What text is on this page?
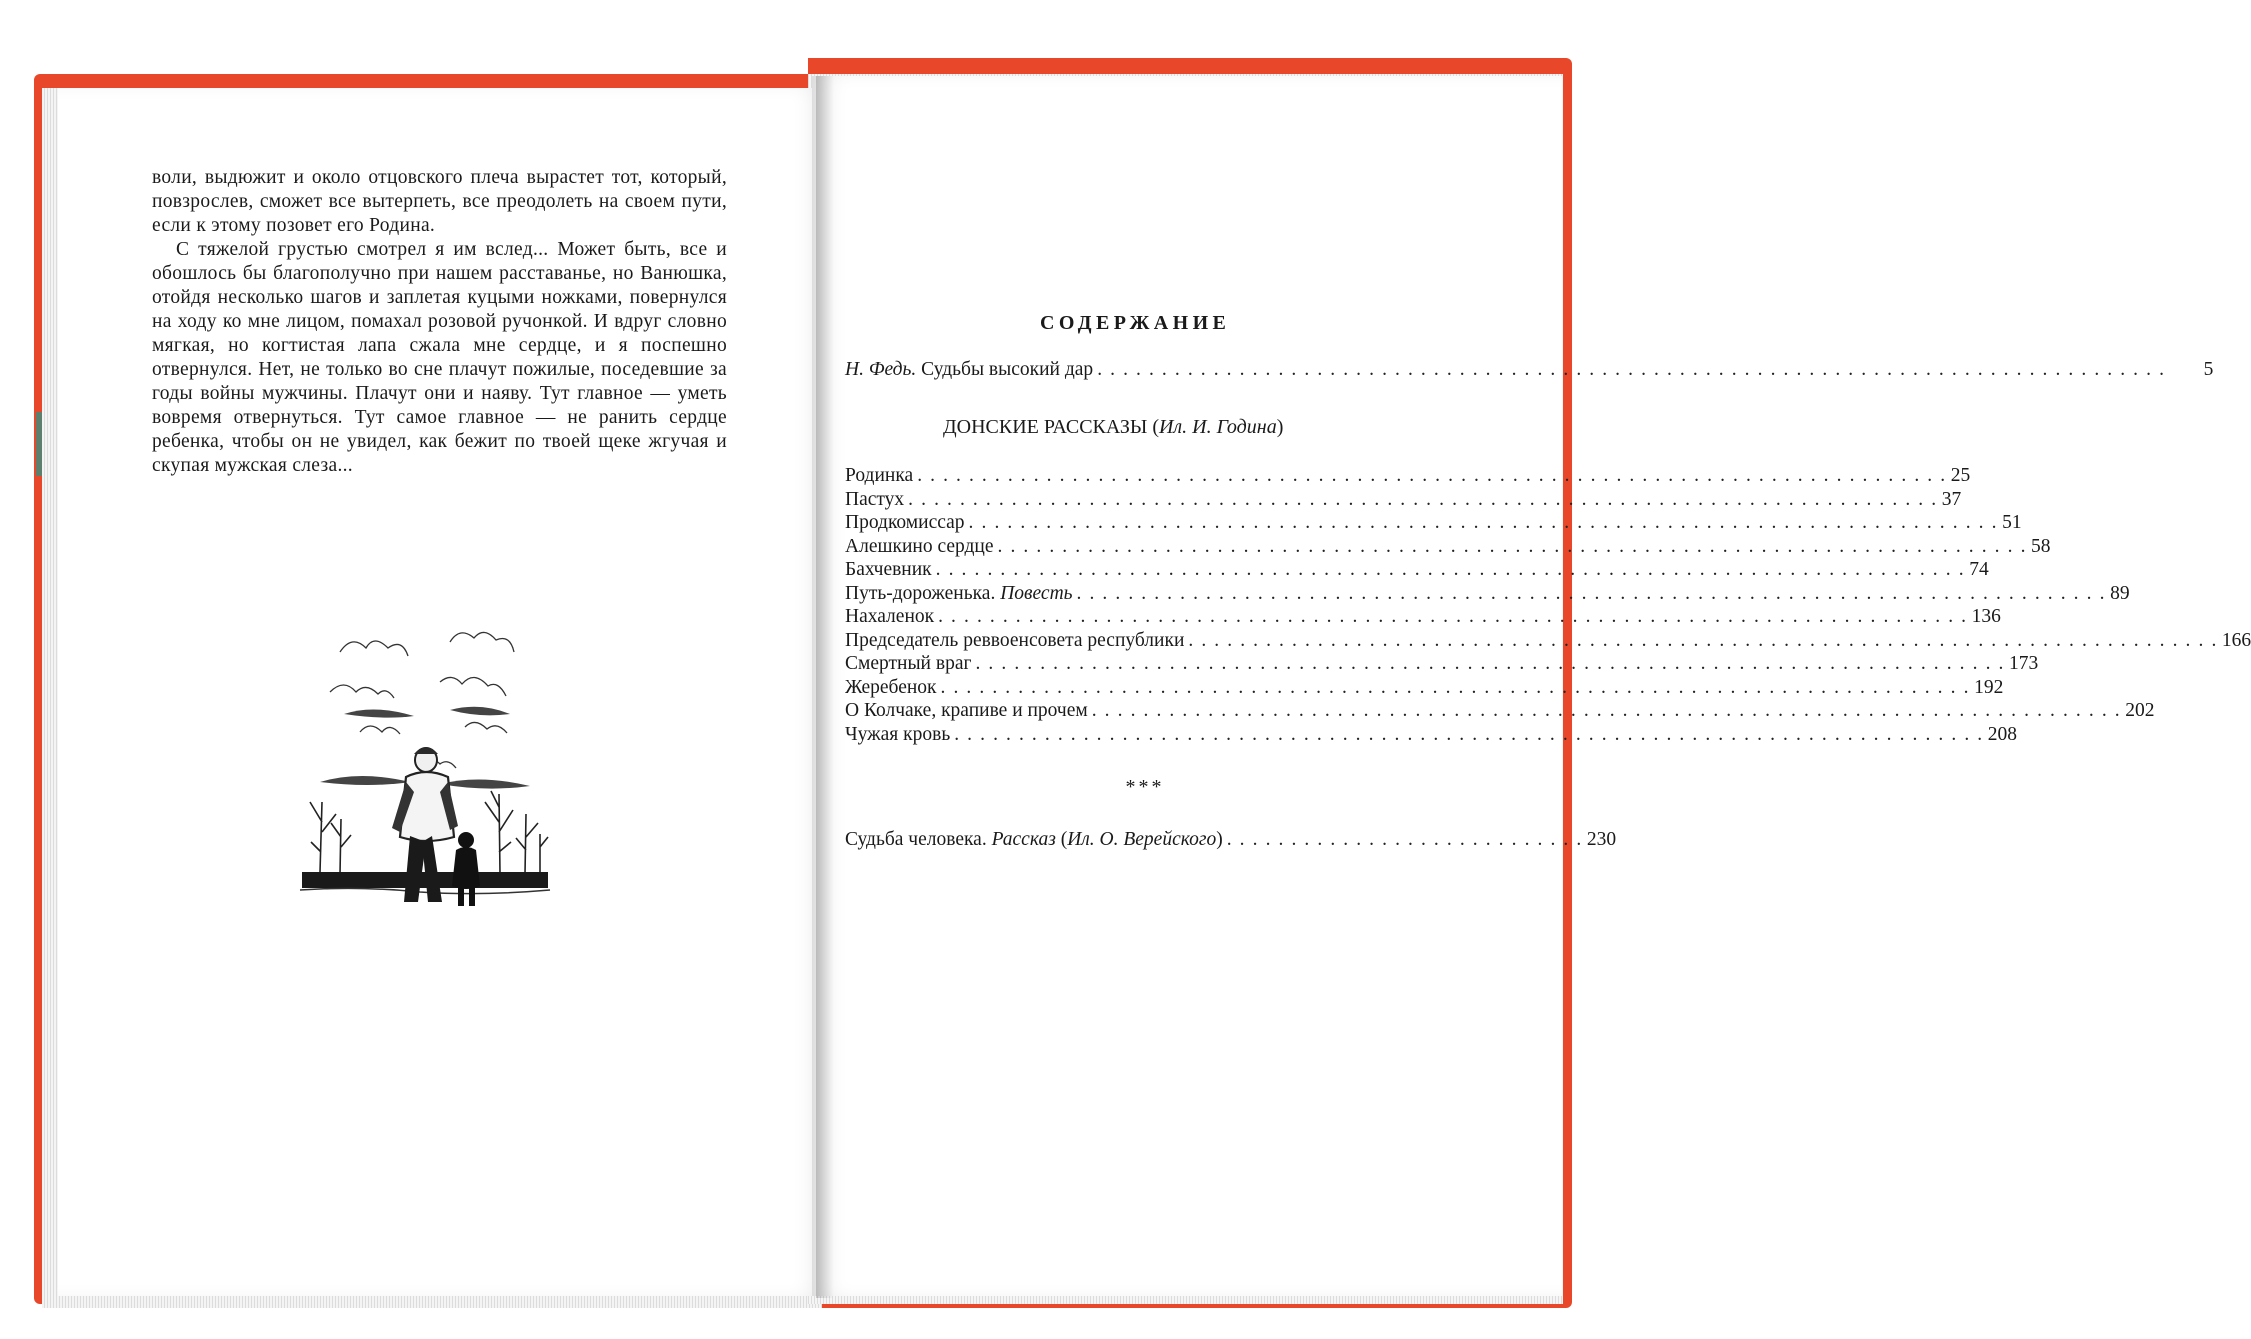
воли, выдюжит и около отцовского плеча вырастет тот, который, повзрослев, сможет все вытерпеть, все преодолеть на своем пути, если к этому позовет его Родина.

С тяжелой грустью смотрел я им вслед... Может быть, все и обошлось бы благополучно при нашем расставанье, но Ванюшка, отойдя несколько шагов и заплетая куцыми ножками, повернулся на ходу ко мне лицом, помахал розовой ручонкой. И вдруг словно мягкая, но когтистая лапа сжала мне сердце, и я поспешно отвернулся. Нет, не только во сне плачут пожилые, поседевшие за годы войны мужчины. Плачут они и наяву. Тут главное — уметь вовремя отвернуться. Тут самое главное — не ранить сердце ребенка, чтобы он не увидел, как бежит по твоей щеке жгучая и скупая мужская слеза...

СОДЕРЖАНИЕ
Н. Федь. Судьбы высокий дар . . . . . . . . . . . . . . . . . . . . . . . . . . . . . . . . . . . . . . . . . . . . . . . . . . . . . . . . . . . . . . . . . . . . . . . . . . . . . . . . . . . 5
ДОНСКИЕ РАССКАЗЫ (Ил. И. Година)
Родинка . . . . . . . . . . . . . . . . . . . . . . . . . . . . . . . . . . . . . . . . . . . . . . . . . . . . . . . . . . . . . . . . . . . . . . . . . . . . . . . . 25
Пастух . . . . . . . . . . . . . . . . . . . . . . . . . . . . . . . . . . . . . . . . . . . . . . . . . . . . . . . . . . . . . . . . . . . . . . . . . . . . . . . . 37
Продкомиссар . . . . . . . . . . . . . . . . . . . . . . . . . . . . . . . . . . . . . . . . . . . . . . . . . . . . . . . . . . . . . . . . . . . . . . . . . . . . . . . . 51
Алешкино сердце . . . . . . . . . . . . . . . . . . . . . . . . . . . . . . . . . . . . . . . . . . . . . . . . . . . . . . . . . . . . . . . . . . . . . . . . . . . . . . . . 58
Бахчевник . . . . . . . . . . . . . . . . . . . . . . . . . . . . . . . . . . . . . . . . . . . . . . . . . . . . . . . . . . . . . . . . . . . . . . . . . . . . . . . . 74
Путь-дороженька. Повесть . . . . . . . . . . . . . . . . . . . . . . . . . . . . . . . . . . . . . . . . . . . . . . . . . . . . . . . . . . . . . . . . . . . . . . . . . . . . . . . . 89
Нахаленок . . . . . . . . . . . . . . . . . . . . . . . . . . . . . . . . . . . . . . . . . . . . . . . . . . . . . . . . . . . . . . . . . . . . . . . . . . . . . . . . 136
Председатель реввоенсовета республики . . . . . . . . . . . . . . . . . . . . . . . . . . . . . . . . . . . . . . . . . . . . . . . . . . . . . . . . . . . . . . . . . . . . . . . . . . . . . . . . 166
Смертный враг . . . . . . . . . . . . . . . . . . . . . . . . . . . . . . . . . . . . . . . . . . . . . . . . . . . . . . . . . . . . . . . . . . . . . . . . . . . . . . . . 173
Жеребенок . . . . . . . . . . . . . . . . . . . . . . . . . . . . . . . . . . . . . . . . . . . . . . . . . . . . . . . . . . . . . . . . . . . . . . . . . . . . . . . . 192
О Колчаке, крапиве и прочем . . . . . . . . . . . . . . . . . . . . . . . . . . . . . . . . . . . . . . . . . . . . . . . . . . . . . . . . . . . . . . . . . . . . . . . . . . . . . . . . 202
Чужая кровь . . . . . . . . . . . . . . . . . . . . . . . . . . . . . . . . . . . . . . . . . . . . . . . . . . . . . . . . . . . . . . . . . . . . . . . . . . . . . . . . 208
***
Судьба человека. Рассказ (Ил. О. Верейского) . . . . . . . . . . . . . . . . . . . . . . . . . . . . 230
